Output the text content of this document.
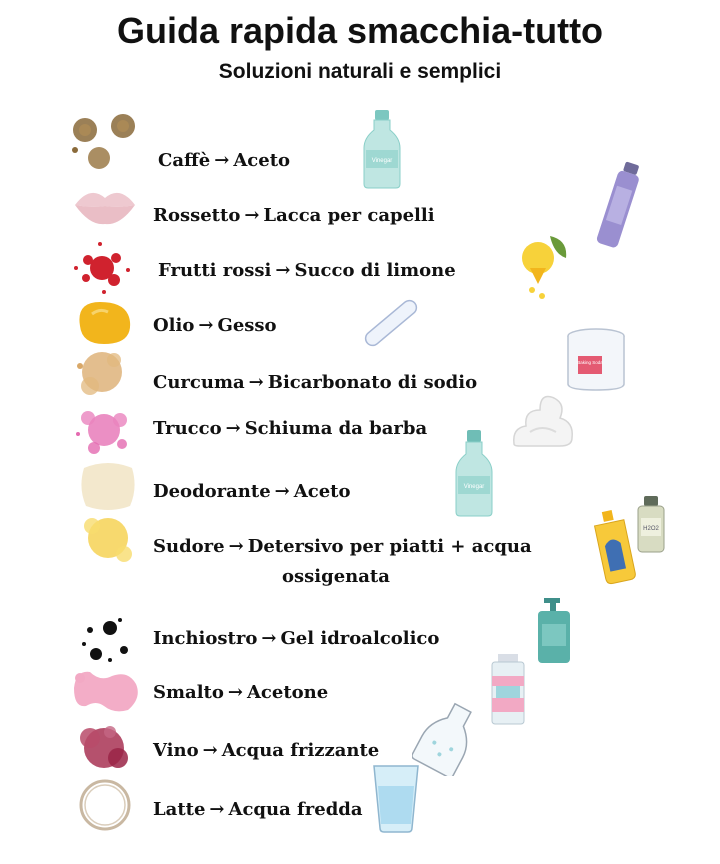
Guida rapida smacchia-tutto
Soluzioni naturali e semplici
Caffè → Aceto	Vinegar
Rossetto → Lacca per capelli
Frutti rossi → Succo di limone
Olio → Gesso
Curcuma → Bicarbonato di sodio
Baking Soda
Trucco → Schiuma da barba
Deodorante → Aceto	Vinegar
Sudore → Detersivo per piatti + acqua
ossigenata
H2O2
Inchiostro → Gel idroalcolico
Smalto → Acetone
Vino → Acqua frizzante
Latte → Acqua fredda
